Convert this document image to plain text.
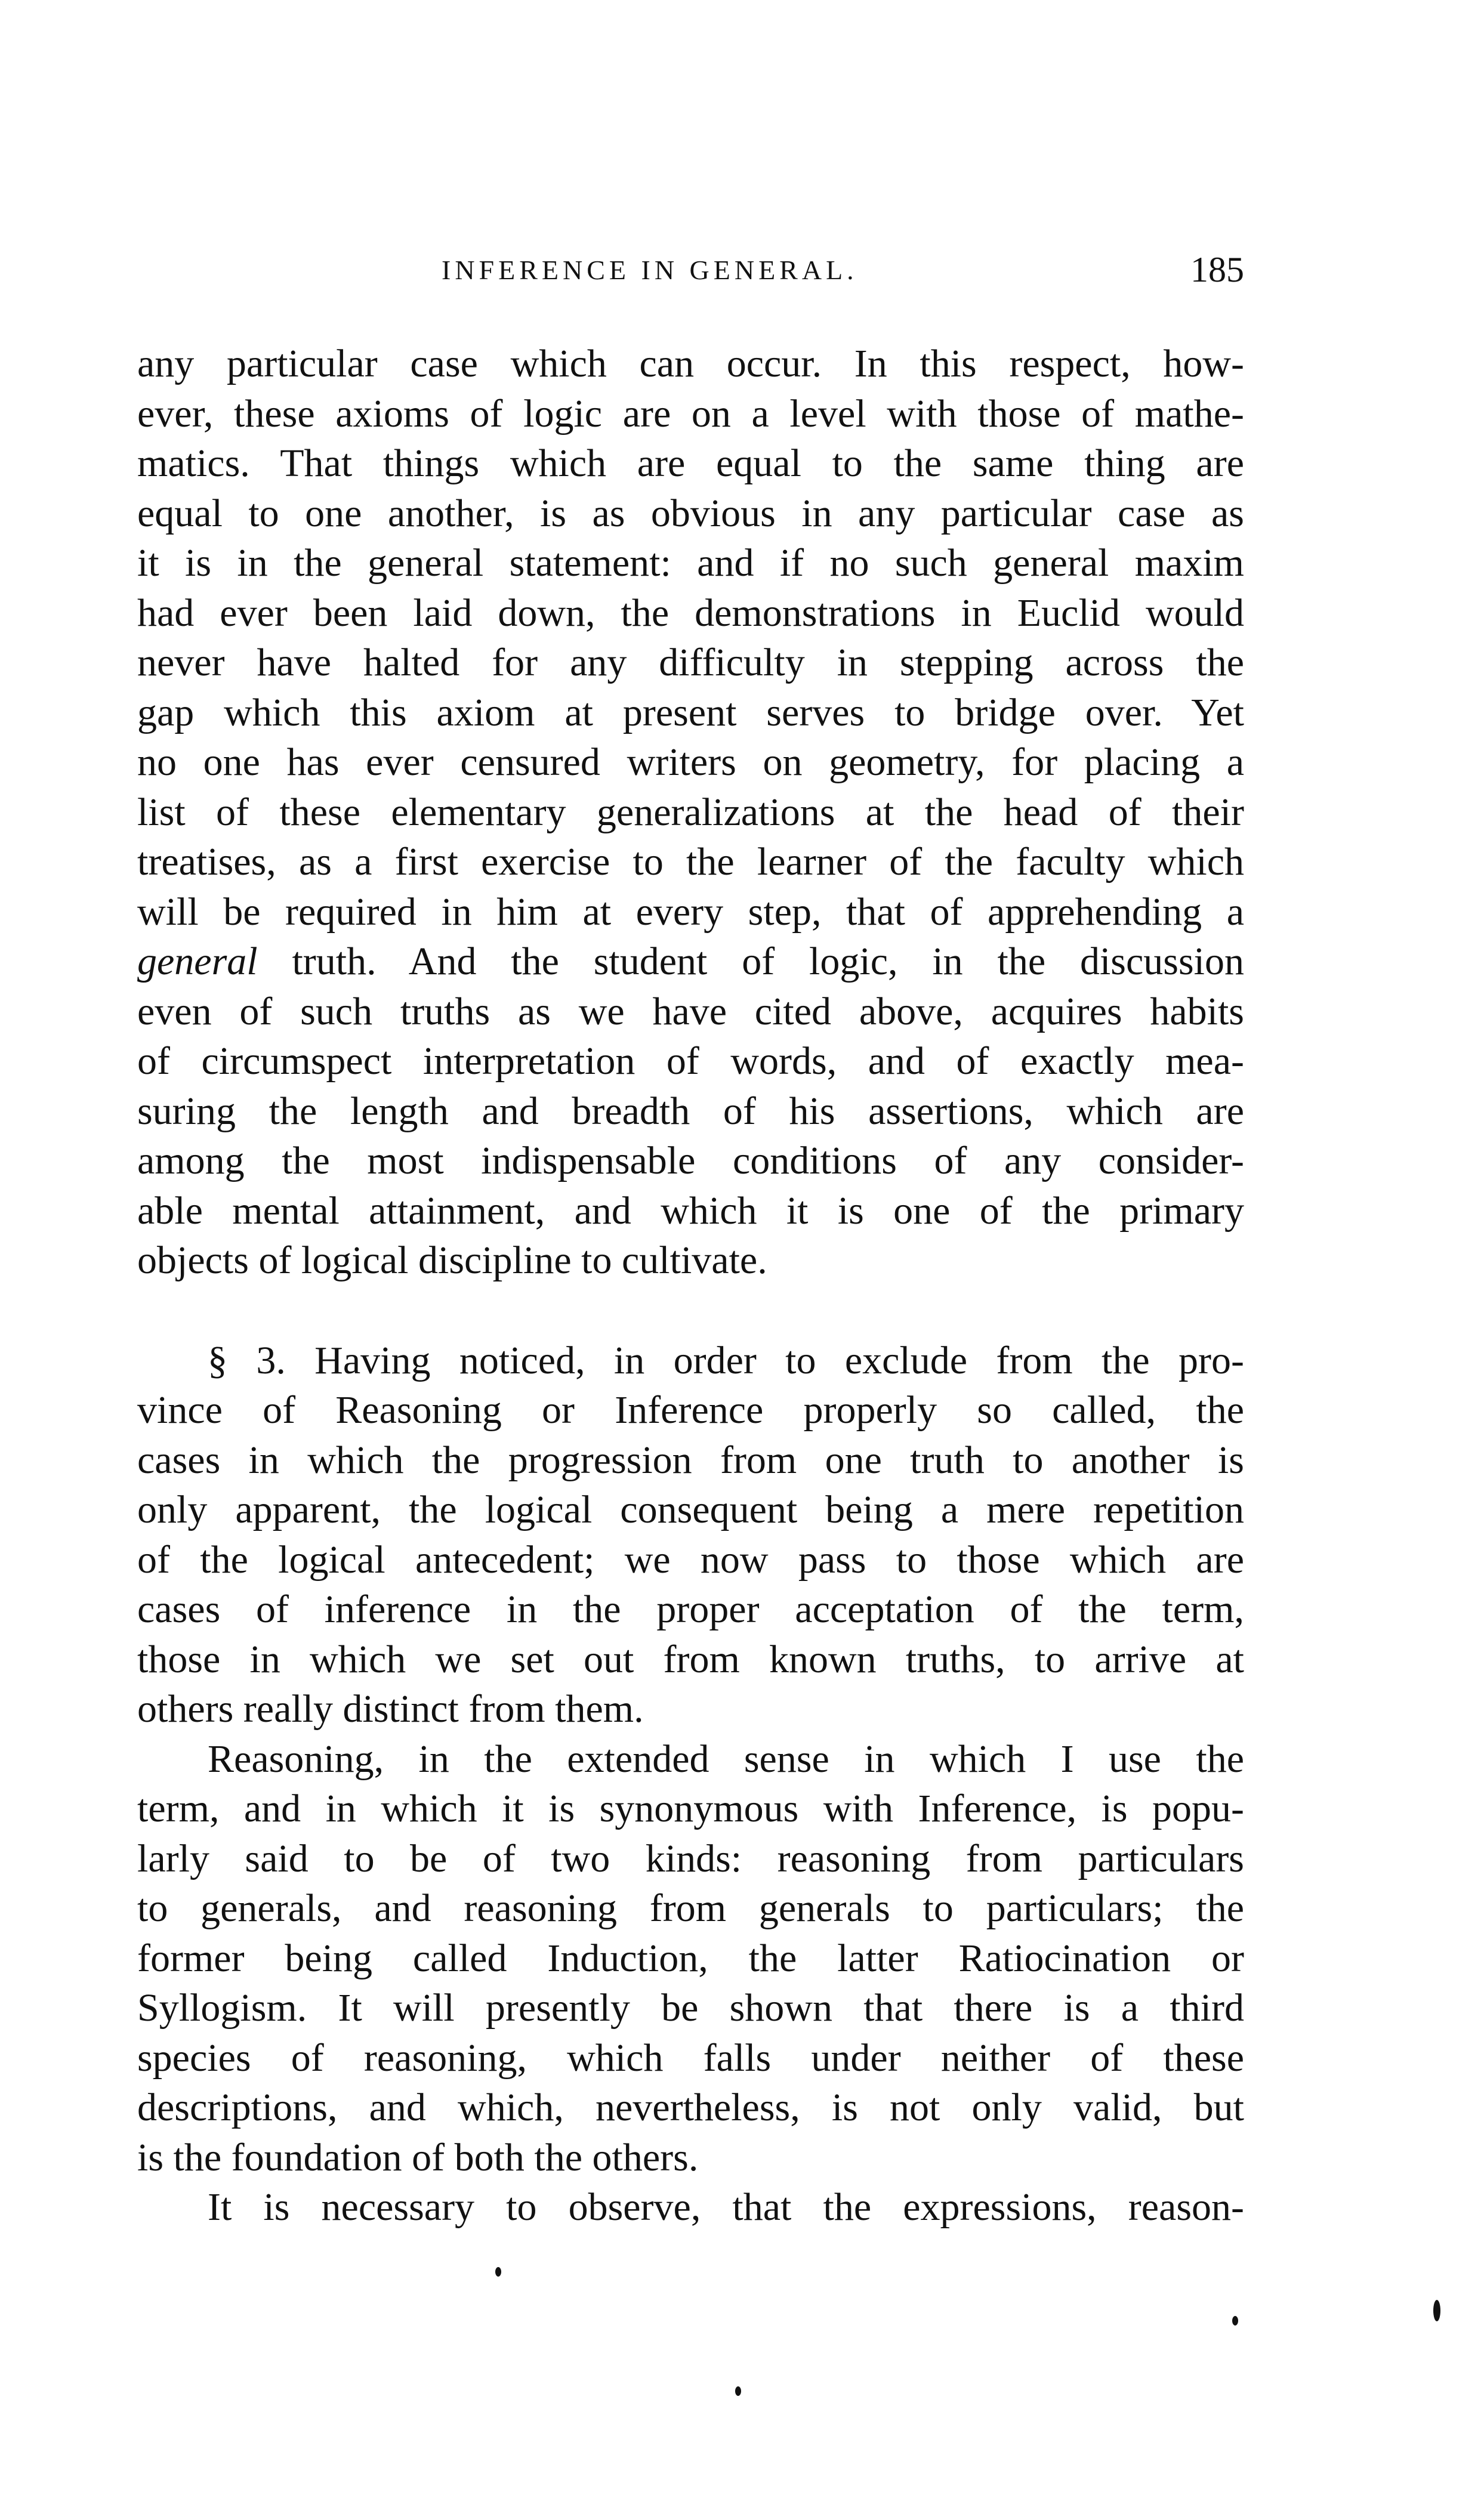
INFERENCE IN GENERAL.	185
any particular case which can occur. In this respect, how-
ever, these axioms of logic are on a level with those of mathe-
matics. That things which are equal to the same thing are
equal to one another, is as obvious in any particular case as
it is in the general statement: and if no such general maxim
had ever been laid down, the demonstrations in Euclid would
never have halted for any difficulty in stepping across the
gap which this axiom at present serves to bridge over. Yet
no one has ever censured writers on geometry, for placing a
list of these elementary generalizations at the head of their
treatises, as a first exercise to the learner of the faculty which
will be required in him at every step, that of apprehending a
general truth. And the student of logic, in the discussion
even of such truths as we have cited above, acquires habits
of circumspect interpretation of words, and of exactly mea-
suring the length and breadth of his assertions, which are
among the most indispensable conditions of any consider-
able mental attainment, and which it is one of the primary
objects of logical discipline to cultivate.
§ 3. Having noticed, in order to exclude from the pro-
vince of Reasoning or Inference properly so called, the
cases in which the progression from one truth to another is
only apparent, the logical consequent being a mere repetition
of the logical antecedent; we now pass to those which are
cases of inference in the proper acceptation of the term,
those in which we set out from known truths, to arrive at
others really distinct from them.
Reasoning, in the extended sense in which I use the
term, and in which it is synonymous with Inference, is popu-
larly said to be of two kinds: reasoning from particulars
to generals, and reasoning from generals to particulars; the
former being called Induction, the latter Ratiocination or
Syllogism. It will presently be shown that there is a third
species of reasoning, which falls under neither of these
descriptions, and which, nevertheless, is not only valid, but
is the foundation of both the others.
It is necessary to observe, that the expressions, reason-
